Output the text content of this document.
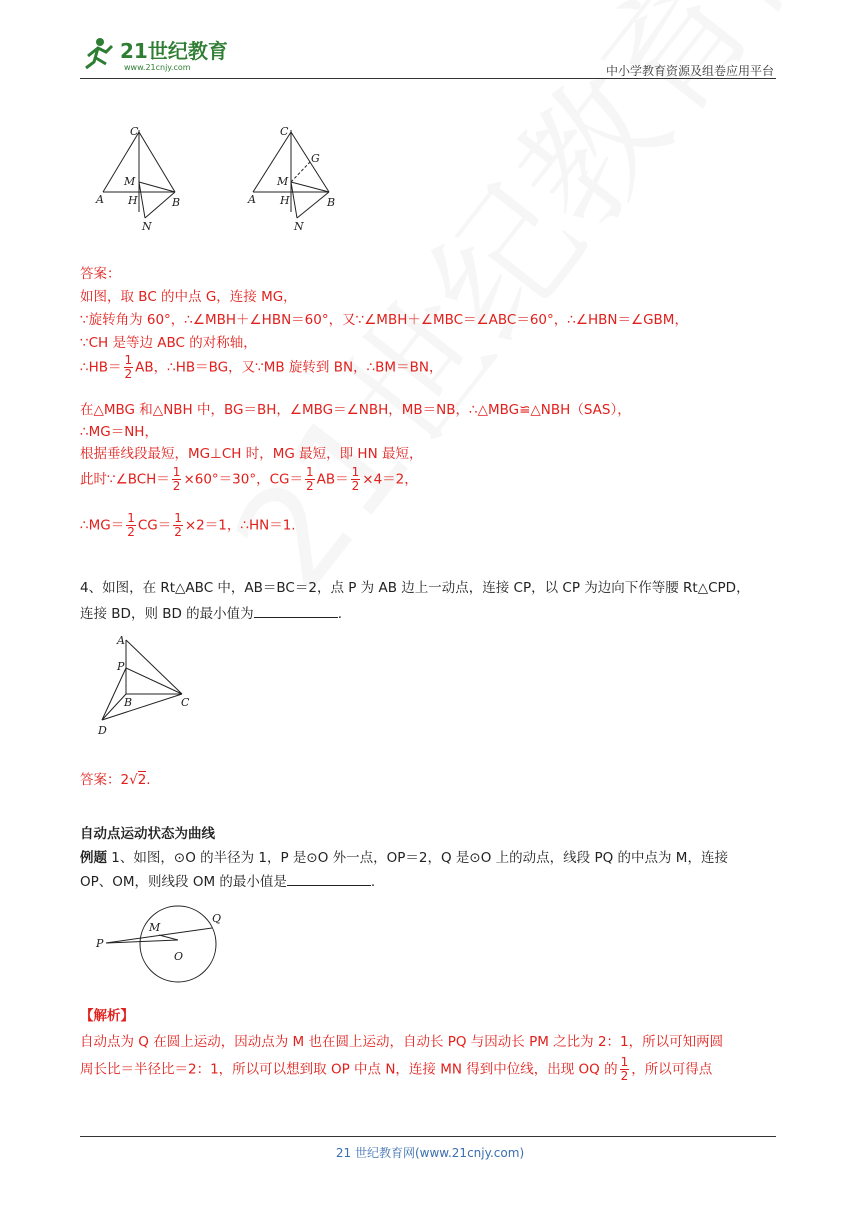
21世纪教育
www.21cnjy.com	中小学教育资源及组卷应用平台
C
M
A H	B
N
C
G
M
A H	B
N
答案：
如图，取 BC 的中点 G，连接 MG，
∵旋转角为 60°，∴∠MBH＋∠HBN＝60°，又∵∠MBH＋∠MBC＝∠ABC＝60°，∴∠HBN＝∠GBM，
∵CH 是等边 ABC 的对称轴，
∴HB＝ $\frac{1}{2}$ AB，∴HB＝BG，又∵MB 旋转到 BN，∴BM＝BN，
在△MBG 和△NBH 中，BG＝BH，∠MBG＝∠NBH，MB＝NB，∴△MBG≌△NBH（SAS），
∴MG＝NH，
根据垂线段最短，MG⊥CH 时，MG 最短，即 HN 最短，
此时∵∠BCH＝ $\frac{1}{2} \times 60^\circ=30^\circ$，$CG= \frac{1}{2} AB= \frac{1}{2} \times 4=2$，
∴MG＝ $\frac{1}{2} CG= \frac{1}{2} \times 2=1$，∴HN＝1.
4、如图，在 Rt△ABC 中，AB＝BC＝2，点 P 为 AB 边上一动点，连接 CP，以 CP 为边向下作等腰 Rt△CPD，
连接 BD，则 BD 的最小值为	.
A
P
B	C
D
答案：2√2.
自动点运动状态为曲线
例题 1、如图，⊙O 的半径为 1，P 是⊙O 外一点，OP＝2，Q 是⊙O 上的动点，线段 PQ 的中点为 M，连接
OP、OM，则线段 OM 的最小值是	.
P
M
Q
O
【解析】
自动点为 Q 在圆上运动，因动点为 M 也在圆上运动，自动长 PQ 与因动长 PM 之比为 2：1，所以可知两圆
周长比＝半径比＝2：1，所以可以想到取 OP 中点 N，连接 MN 得到中位线，出现 OQ 的 $\frac{1}{2}$ ，所以可得点
21 世纪教育网(www.21cnjy.com)
